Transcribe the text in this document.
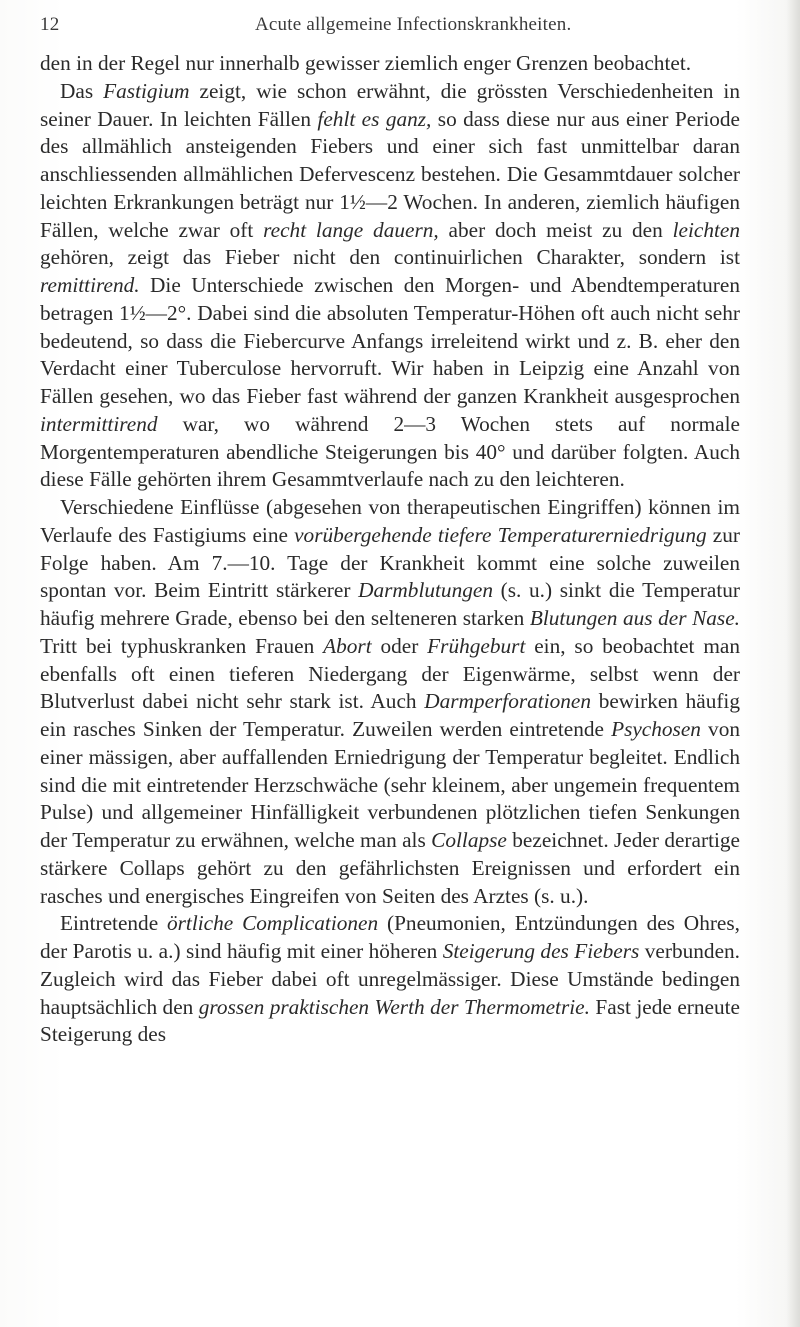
12	Acute allgemeine Infectionskrankheiten.

den in der Regel nur innerhalb gewisser ziemlich enger Grenzen beobachtet.

Das Fastigium zeigt, wie schon erwähnt, die grössten Verschiedenheiten in seiner Dauer. In leichten Fällen fehlt es ganz, so dass diese nur aus einer Periode des allmählich ansteigenden Fiebers und einer sich fast unmittelbar daran anschliessenden allmählichen Defervescenz bestehen. Die Gesammtdauer solcher leichten Erkrankungen beträgt nur 1½—2 Wochen. In anderen, ziemlich häufigen Fällen, welche zwar oft recht lange dauern, aber doch meist zu den leichten gehören, zeigt das Fieber nicht den continuirlichen Charakter, sondern ist remittirend. Die Unterschiede zwischen den Morgen- und Abendtemperaturen betragen 1½—2°. Dabei sind die absoluten Temperatur-Höhen oft auch nicht sehr bedeutend, so dass die Fiebercurve Anfangs irreleitend wirkt und z. B. eher den Verdacht einer Tuberculose hervorruft. Wir haben in Leipzig eine Anzahl von Fällen gesehen, wo das Fieber fast während der ganzen Krankheit ausgesprochen intermittirend war, wo während 2—3 Wochen stets auf normale Morgentemperaturen abendliche Steigerungen bis 40° und darüber folgten. Auch diese Fälle gehörten ihrem Gesammtverlaufe nach zu den leichteren.

Verschiedene Einflüsse (abgesehen von therapeutischen Eingriffen) können im Verlaufe des Fastigiums eine vorübergehende tiefere Temperaturerniedrigung zur Folge haben. Am 7.—10. Tage der Krankheit kommt eine solche zuweilen spontan vor. Beim Eintritt stärkerer Darmblutungen (s. u.) sinkt die Temperatur häufig mehrere Grade, ebenso bei den selteneren starken Blutungen aus der Nase. Tritt bei typhuskranken Frauen Abort oder Frühgeburt ein, so beobachtet man ebenfalls oft einen tieferen Niedergang der Eigenwärme, selbst wenn der Blutverlust dabei nicht sehr stark ist. Auch Darmperforationen bewirken häufig ein rasches Sinken der Temperatur. Zuweilen werden eintretende Psychosen von einer mässigen, aber auffallenden Erniedrigung der Temperatur begleitet. Endlich sind die mit eintretender Herzschwäche (sehr kleinem, aber ungemein frequentem Pulse) und allgemeiner Hinfälligkeit verbundenen plötzlichen tiefen Senkungen der Temperatur zu erwähnen, welche man als Collapse bezeichnet. Jeder derartige stärkere Collaps gehört zu den gefährlichsten Ereignissen und erfordert ein rasches und energisches Eingreifen von Seiten des Arztes (s. u.).

Eintretende örtliche Complicationen (Pneumonien, Entzündungen des Ohres, der Parotis u. a.) sind häufig mit einer höheren Steigerung des Fiebers verbunden. Zugleich wird das Fieber dabei oft unregelmässiger. Diese Umstände bedingen hauptsächlich den grossen praktischen Werth der Thermometrie. Fast jede erneute Steigerung des
